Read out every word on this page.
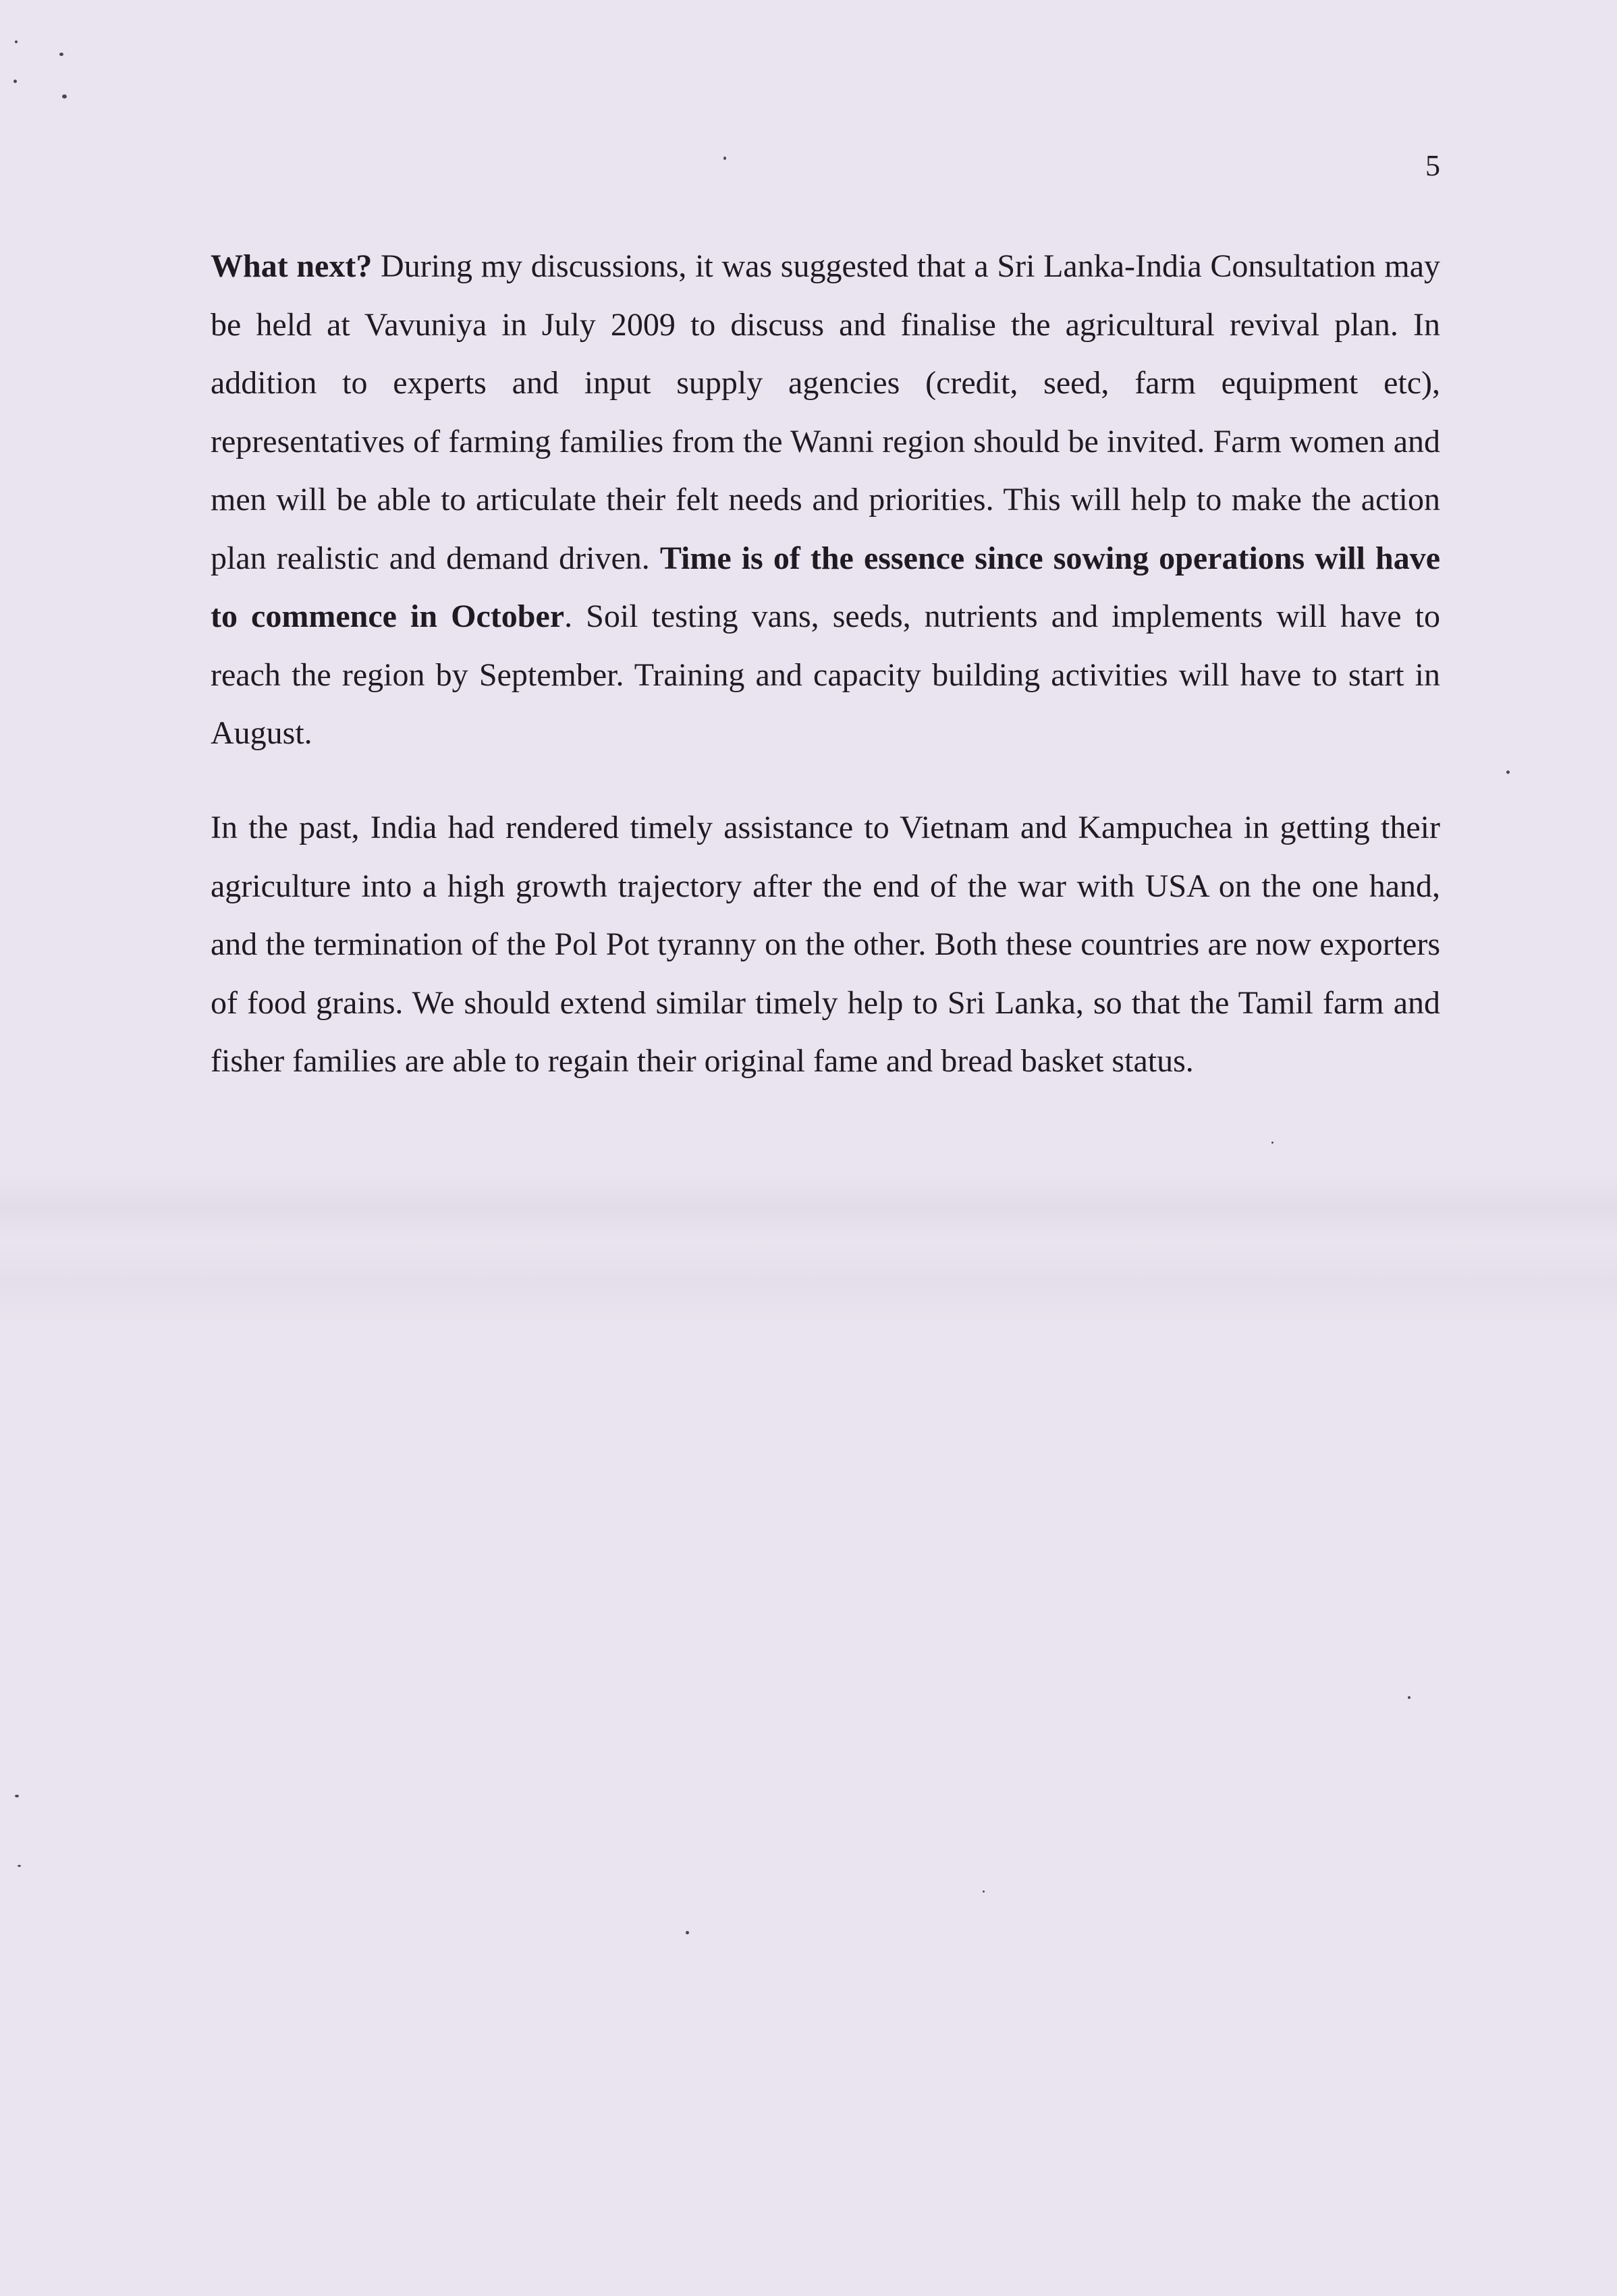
5

What next? During my discussions, it was suggested that a Sri Lanka-India Consultation may be held at Vavuniya in July 2009 to discuss and finalise the agricultural revival plan. In addition to experts and input supply agencies (credit, seed, farm equipment etc), representatives of farming families from the Wanni region should be invited. Farm women and men will be able to articulate their felt needs and priorities. This will help to make the action plan realistic and demand driven. Time is of the essence since sowing operations will have to commence in October. Soil testing vans, seeds, nutrients and implements will have to reach the region by September. Training and capacity building activities will have to start in August.

In the past, India had rendered timely assistance to Vietnam and Kampuchea in getting their agriculture into a high growth trajectory after the end of the war with USA on the one hand, and the termination of the Pol Pot tyranny on the other. Both these countries are now exporters of food grains. We should extend similar timely help to Sri Lanka, so that the Tamil farm and fisher families are able to regain their original fame and bread basket status.
